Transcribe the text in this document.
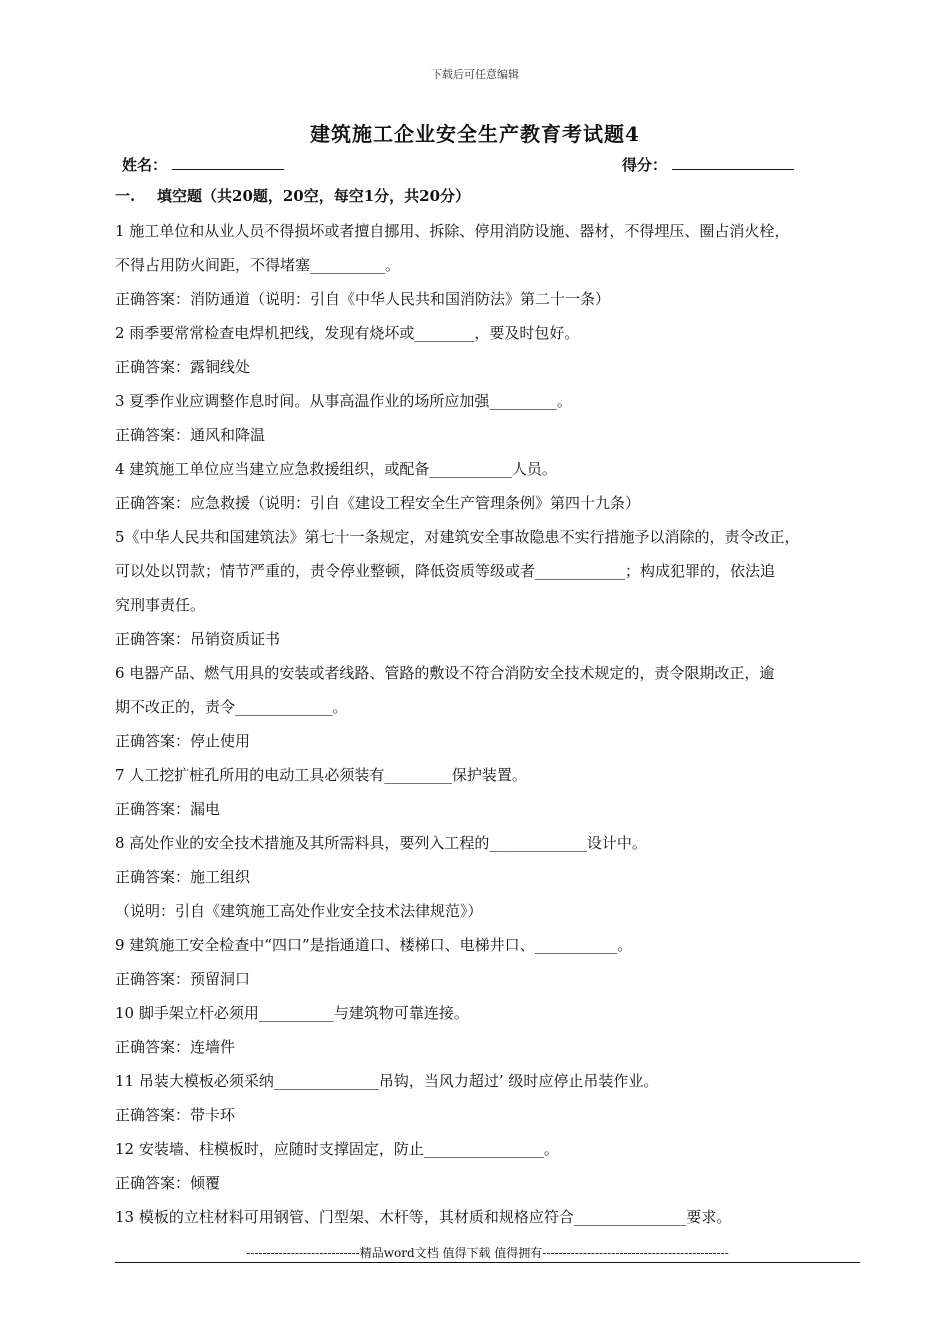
下载后可任意编辑
建筑施工企业安全生产教育考试题4
姓名：	得分：
一. 填空题（共20题，20空，每空1分，共20分）

1 施工单位和从业人员不得损坏或者擅自挪用、拆除、停用消防设施、器材，不得埋压、圈占消火栓，

不得占用防火间距，不得堵塞__________。

正确答案：消防通道（说明：引自《中华人民共和国消防法》第二十一条）

2 雨季要常常检查电焊机把线，发现有烧坏或________，要及时包好。

正确答案：露铜线处

3 夏季作业应调整作息时间。从事高温作业的场所应加强_________。

正确答案：通风和降温

4 建筑施工单位应当建立应急救援组织，或配备___________人员。

正确答案：应急救援（说明：引自《建设工程安全生产管理条例》第四十九条）

5《中华人民共和国建筑法》第七十一条规定，对建筑安全事故隐患不实行措施予以消除的，责令改正，

可以处以罚款；情节严重的，责令停业整顿，降低资质等级或者____________；构成犯罪的，依法追

究刑事责任。

正确答案：吊销资质证书

6 电器产品、燃气用具的安装或者线路、管路的敷设不符合消防安全技术规定的，责令限期改正，逾

期不改正的，责令_____________。

正确答案：停止使用

7 人工挖扩桩孔所用的电动工具必须装有_________保护装置。

正确答案：漏电

8 高处作业的安全技术措施及其所需料具，要列入工程的_____________设计中。

正确答案：施工组织

（说明：引自《建筑施工高处作业安全技术法律规范》）

9 建筑施工安全检查中“四口”是指通道口、楼梯口、电梯井口、___________。

正确答案：预留洞口

10 脚手架立杆必须用__________与建筑物可靠连接。

正确答案：连墙件

11 吊装大模板必须采纳______________吊钩，当风力超过’ 级时应停止吊装作业。

正确答案：带卡环

12 安装墙、柱模板时，应随时支撑固定，防止________________。

正确答案：倾覆

13 模板的立柱材料可用钢管、门型架、木杆等，其材质和规格应符合_______________要求。

----------------------------精品word文档 值得下载 值得拥有----------------------------------------------
